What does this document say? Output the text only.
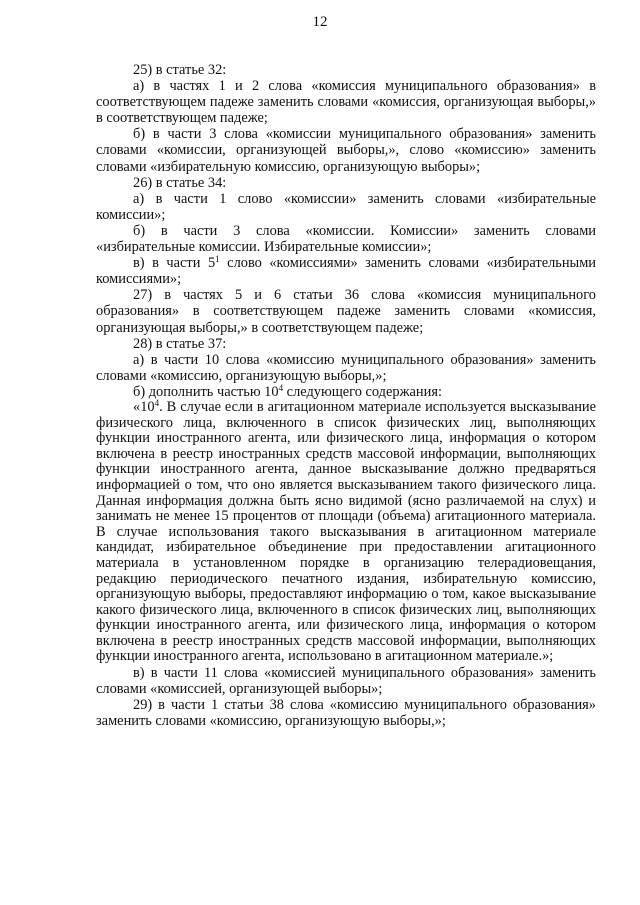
12

25) в статье 32:

а) в частях 1 и 2 слова «комиссия муниципального образования» в соответствующем падеже заменить словами «комиссия, организующая выборы,» в соответствующем падеже;

б) в части 3 слова «комиссии муниципального образования» заменить словами «комиссии, организующей выборы,», слово «комиссию» заменить словами «избирательную комиссию, организующую выборы»;

26) в статье 34:

а) в части 1 слово «комиссии» заменить словами «избирательные комиссии»;

б) в части 3 слова «комиссии. Комиссии» заменить словами «избирательные комиссии. Избирательные комиссии»;

в) в части $5^1$ слово «комиссиями» заменить словами «избирательными комиссиями»;

27) в частях 5 и 6 статьи 36 слова «комиссия муниципального образования» в соответствующем падеже заменить словами «комиссия, организующая выборы,» в соответствующем падеже;

28) в статье 37:

а) в части 10 слова «комиссию муниципального образования» заменить словами «комиссию, организующую выборы,»;

б) дополнить частью $10^4$ следующего содержания:

«$10^4$. В случае если в агитационном материале используется высказывание физического лица, включенного в список физических лиц, выполняющих функции иностранного агента, или физического лица, информация о котором включена в реестр иностранных средств массовой информации, выполняющих функции иностранного агента, данное высказывание должно предваряться информацией о том, что оно является высказыванием такого физического лица. Данная информация должна быть ясно видимой (ясно различаемой на слух) и занимать не менее 15 процентов от площади (объема) агитационного материала. В случае использования такого высказывания в агитационном материале кандидат, избирательное объединение при предоставлении агитационного материала в установленном порядке в организацию телерадиовещания, редакцию периодического печатного издания, избирательную комиссию, организующую выборы, предоставляют информацию о том, какое высказывание какого физического лица, включенного в список физических лиц, выполняющих функции иностранного агента, или физического лица, информация о котором включена в реестр иностранных средств массовой информации, выполняющих функции иностранного агента, использовано в агитационном материале.»;

в) в части 11 слова «комиссией муниципального образования» заменить словами «комиссией, организующей выборы»;

29) в части 1 статьи 38 слова «комиссию муниципального образования» заменить словами «комиссию, организующую выборы,»;
